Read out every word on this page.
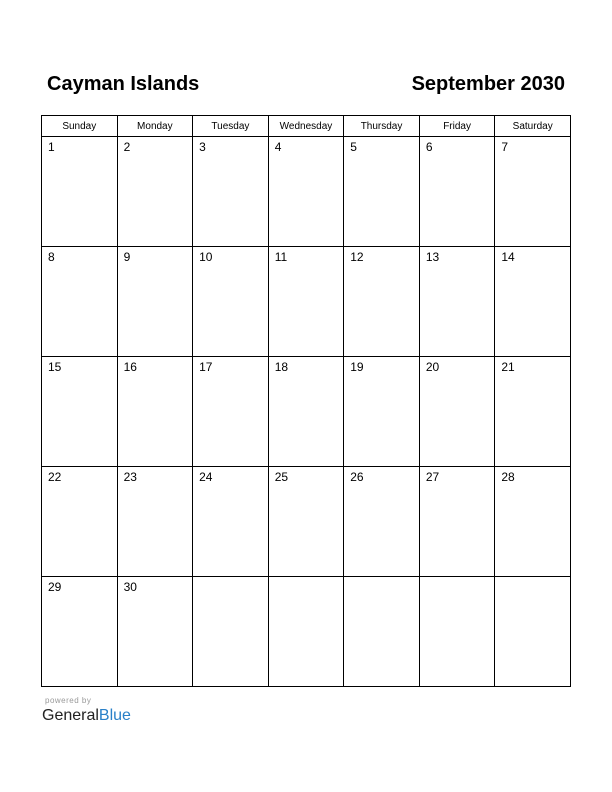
Cayman Islands	September 2030
Sunday	Monday	Tuesday	Wednesday	Thursday	Friday	Saturday

1	2	3	4	5	6	7

8	9	10	11	12	13	14

15	16	17	18	19	20	21

22	23	24	25	26	27	28

29	30					

powered by
GeneralBlue
